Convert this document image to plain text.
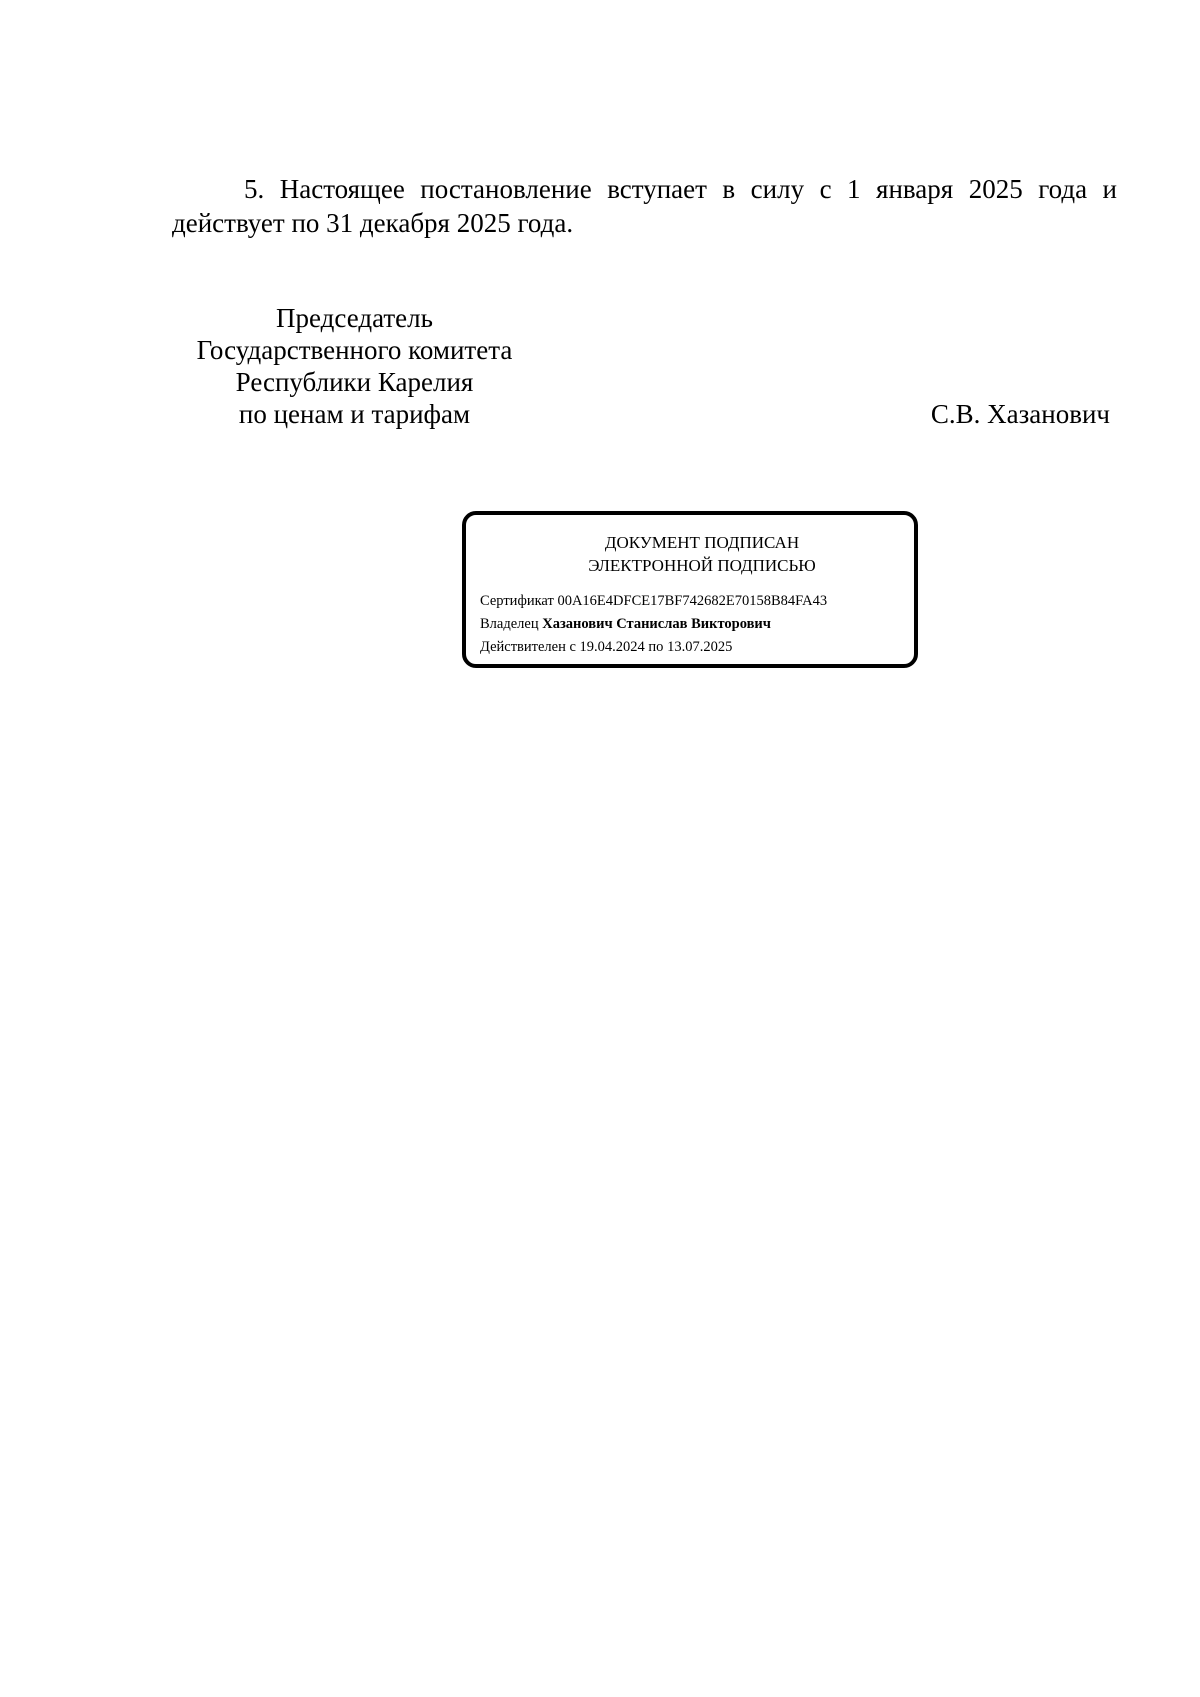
5. Настоящее постановление вступает в силу с 1 января 2025 года и действует по 31 декабря 2025 года.

Председатель
Государственного комитета
Республики Карелия
по ценам и тарифам	С.В. Хазанович
ДОКУМЕНТ ПОДПИСАН
ЭЛЕКТРОННОЙ ПОДПИСЬЮ
Сертификат 00A16E4DFCE17BF742682E70158B84FA43
Владелец Хазанович Станислав Викторович
Действителен с 19.04.2024 по 13.07.2025
